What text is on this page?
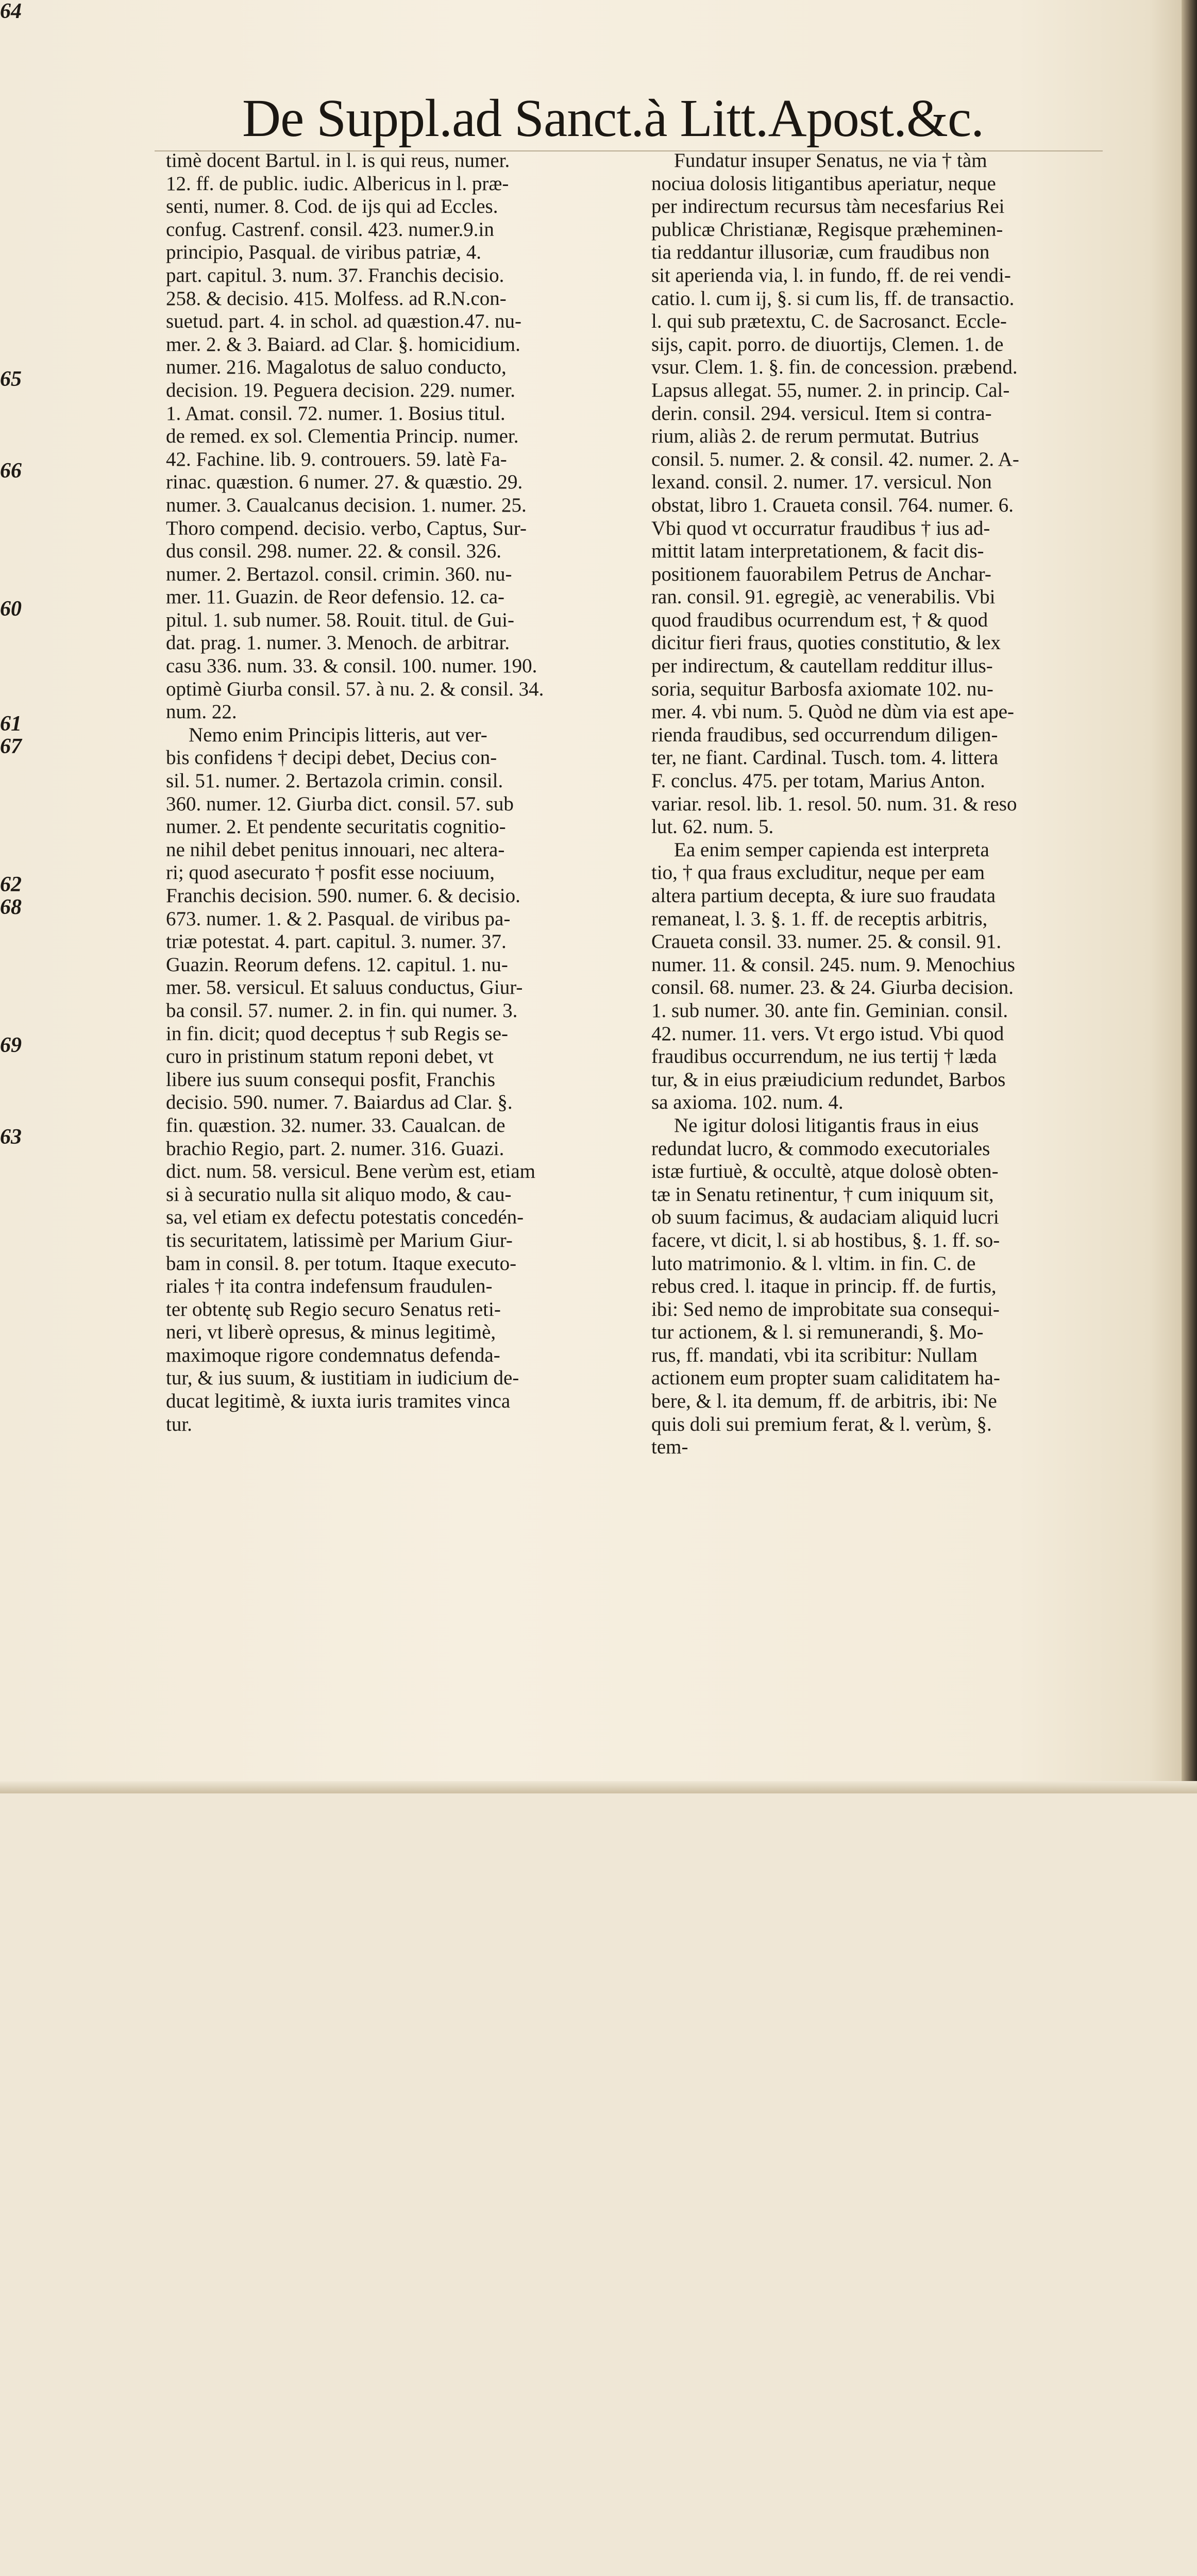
De Suppl.ad Sanct.à Litt.Apost.&c.
60
61
62
63
timè docent Bartul. in l. is qui reus, numer.
12. ff. de public. iudic. Albericus in l. præ-
senti, numer. 8. Cod. de ijs qui ad Eccles.
confug. Castrenf. consil. 423. numer.9.in
principio, Pasqual. de viribus patriæ, 4.
part. capitul. 3. num. 37. Franchis decisio.
258. & decisio. 415. Molfess. ad R.N.con-
suetud. part. 4. in schol. ad quæstion.47. nu-
mer. 2. & 3. Baiard. ad Clar. §. homicidium.
numer. 216. Magalotus de saluo conducto,
decision. 19. Peguera decision. 229. numer.
1. Amat. consil. 72. numer. 1. Bosius titul.
de remed. ex sol. Clementia Princip. numer.
42. Fachine. lib. 9. controuers. 59. latè Fa-
rinac. quæstion. 6 numer. 27. & quæstio. 29.
numer. 3. Caualcanus decision. 1. numer. 25.
Thoro compend. decisio. verbo, Captus, Sur-
dus consil. 298. numer. 22. & consil. 326.
numer. 2. Bertazol. consil. crimin. 360. nu-
mer. 11. Guazin. de Reor defensio. 12. ca-
pitul. 1. sub numer. 58. Rouit. titul. de Gui-
dat. prag. 1. numer. 3. Menoch. de arbitrar.
casu 336. num. 33. & consil. 100. numer. 190.
optimè Giurba consil. 57. à nu. 2. & consil. 34.
num. 22.
Nemo enim Principis litteris, aut ver-
bis confidens † decipi debet, Decius con-
sil. 51. numer. 2. Bertazola crimin. consil.
360. numer. 12. Giurba dict. consil. 57. sub
numer. 2. Et pendente securitatis cognitio-
ne nihil debet penitus innouari, nec altera-
ri; quod asecurato † posfit esse nociuum,
Franchis decision. 590. numer. 6. & decisio.
673. numer. 1. & 2. Pasqual. de viribus pa-
triæ potestat. 4. part. capitul. 3. numer. 37.
Guazin. Reorum defens. 12. capitul. 1. nu-
mer. 58. versicul. Et saluus conductus, Giur-
ba consil. 57. numer. 2. in fin. qui numer. 3.
in fin. dicit; quod deceptus † sub Regis se-
curo in pristinum statum reponi debet, vt
libere ius suum consequi posfit, Franchis
decisio. 590. numer. 7. Baiardus ad Clar. §.
fin. quæstion. 32. numer. 33. Caualcan. de
brachio Regio, part. 2. numer. 316. Guazi.
dict. num. 58. versicul. Bene verùm est, etiam
si à securatio nulla sit aliquo modo, & cau-
sa, vel etiam ex defectu potestatis concedén-
tis securitatem, latissimè per Marium Giur-
bam in consil. 8. per totum. Itaque executo-
riales † ita contra indefensum fraudulen-
ter obtentę sub Regio securo Senatus reti-
neri, vt liberè opresus, & minus legitimè,
maximoque rigore condemnatus defenda-
tur, & ius suum, & iustitiam in iudicium de-
ducat legitimè, & iuxta iuris tramites vinca
tur.
Fundatur insuper Senatus, ne via † tàm
nociua dolosis litigantibus aperiatur, neque
per indirectum recursus tàm necesfarius Rei
publicæ Christianæ, Regisque præheminen-
tia reddantur illusoriæ, cum fraudibus non
sit aperienda via, l. in fundo, ff. de rei vendi-
catio. l. cum ij, §. si cum lis, ff. de transactio.
l. qui sub prætextu, C. de Sacrosanct. Eccle-
sijs, capit. porro. de diuortijs, Clemen. 1. de
vsur. Clem. 1. §. fin. de concession. præbend.
Lapsus allegat. 55, numer. 2. in princip. Cal-
derin. consil. 294. versicul. Item si contra-
rium, aliàs 2. de rerum permutat. Butrius
consil. 5. numer. 2. & consil. 42. numer. 2. A-
lexand. consil. 2. numer. 17. versicul. Non
obstat, libro 1. Craueta consil. 764. numer. 6.
Vbi quod vt occurratur fraudibus † ius ad-
mittit latam interpretationem, & facit dis-
positionem fauorabilem Petrus de Anchar-
ran. consil. 91. egregiè, ac venerabilis. Vbi
quod fraudibus ocurrendum est, † & quod
dicitur fieri fraus, quoties constitutio, & lex
per indirectum, & cautellam redditur illus-
soria, sequitur Barbosfa axiomate 102. nu-
mer. 4. vbi num. 5. Quòd ne dùm via est ape-
rienda fraudibus, sed occurrendum diligen-
ter, ne fiant. Cardinal. Tusch. tom. 4. littera
F. conclus. 475. per totam, Marius Anton.
variar. resol. lib. 1. resol. 50. num. 31. & reso
lut. 62. num. 5.
Ea enim semper capienda est interpreta
tio, † qua fraus excluditur, neque per eam
altera partium decepta, & iure suo fraudata
remaneat, l. 3. §. 1. ff. de receptis arbitris,
Craueta consil. 33. numer. 25. & consil. 91.
numer. 11. & consil. 245. num. 9. Menochius
consil. 68. numer. 23. & 24. Giurba decision.
1. sub numer. 30. ante fin. Geminian. consil.
42. numer. 11. vers. Vt ergo istud. Vbi quod
fraudibus occurrendum, ne ius tertij † læda
tur, & in eius præiudicium redundet, Barbos
sa axioma. 102. num. 4.
Ne igitur dolosi litigantis fraus in eius
redundat lucro, & commodo executoriales
istæ furtiuè, & occultè, atque dolosè obten-
tæ in Senatu retinentur, † cum iniquum sit,
ob suum facimus, & audaciam aliquid lucri
facere, vt dicit, l. si ab hostibus, §. 1. ff. so-
luto matrimonio. & l. vltim. in fin. C. de
rebus cred. l. itaque in princip. ff. de furtis,
ibi: Sed nemo de improbitate sua consequi-
tur actionem, & l. si remunerandi, §. Mo-
rus, ff. mandati, vbi ita scribitur: Nullam
actionem eum propter suam caliditatem ha-
bere, & l. ita demum, ff. de arbitris, ibi: Ne
quis doli sui premium ferat, & l. verùm, §.
tem-
64
65
66
67
68
69
